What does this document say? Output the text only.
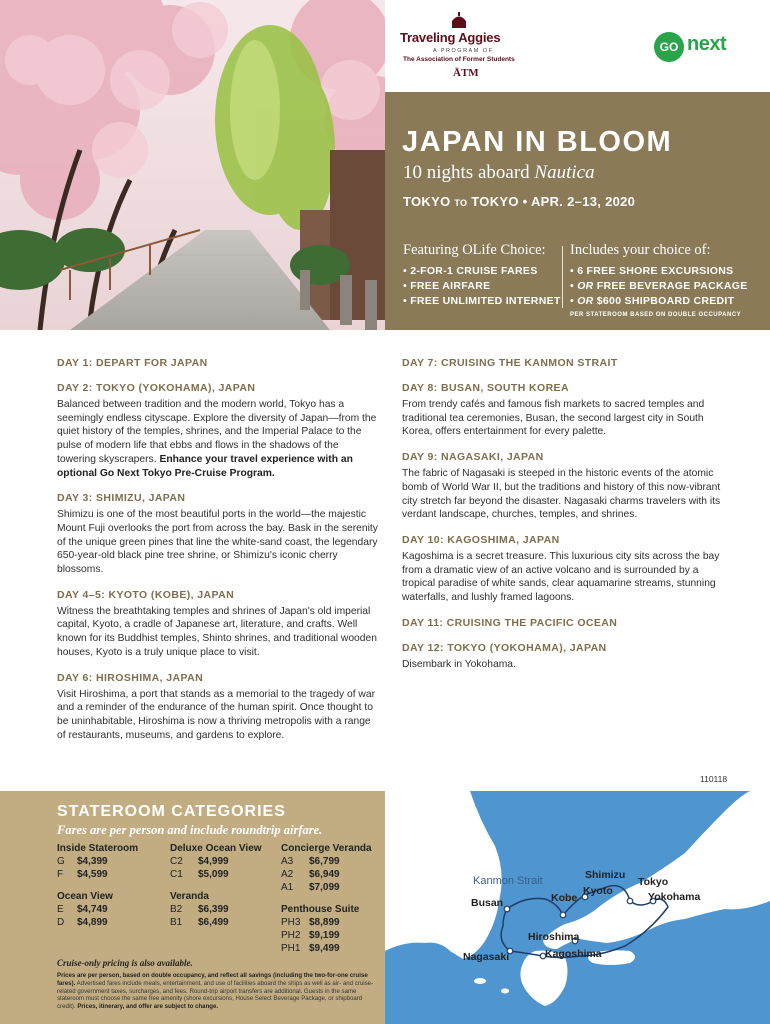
Traveling Aggies
A PROGRAM OF
The Association of Former Students
ĀTM
GO next
JAPAN IN BLOOM
10 nights aboard Nautica
TOKYO TO TOKYO • APR. 2–13, 2020
Featuring OLife Choice:
• 2-FOR-1 CRUISE FARES
• FREE AIRFARE
• FREE UNLIMITED INTERNET
Includes your choice of:
• 6 FREE SHORE EXCURSIONS
• OR FREE BEVERAGE PACKAGE
• OR $600 SHIPBOARD CREDIT
PER STATEROOM BASED ON DOUBLE OCCUPANCY
DAY 1: DEPART FOR JAPAN
DAY 2: TOKYO (YOKOHAMA), JAPAN
Balanced between tradition and the modern world, Tokyo has a seemingly endless cityscape. Explore the diversity of Japan—from the quiet history of the temples, shrines, and the Imperial Palace to the pulse of modern life that ebbs and flows in the shadows of the towering skyscrapers. Enhance your travel experience with an optional Go Next Tokyo Pre-Cruise Program.
DAY 3: SHIMIZU, JAPAN
Shimizu is one of the most beautiful ports in the world—the majestic Mount Fuji overlooks the port from across the bay. Bask in the serenity of the unique green pines that line the white-sand coast, the legendary 650-year-old black pine tree shrine, or Shimizu's iconic cherry blossoms.
DAY 4–5: KYOTO (KOBE), JAPAN
Witness the breathtaking temples and shrines of Japan's old imperial capital, Kyoto, a cradle of Japanese art, literature, and crafts. Well known for its Buddhist temples, Shinto shrines, and traditional wooden houses, Kyoto is a truly unique place to visit.
DAY 6: HIROSHIMA, JAPAN
Visit Hiroshima, a port that stands as a memorial to the tragedy of war and a reminder of the endurance of the human spirit. Once thought to be uninhabitable, Hiroshima is now a thriving metropolis with a range of restaurants, museums, and gardens to explore.
DAY 7: CRUISING THE KANMON STRAIT
DAY 8: BUSAN, SOUTH KOREA
From trendy cafés and famous fish markets to sacred temples and traditional tea ceremonies, Busan, the second largest city in South Korea, offers entertainment for every palette.
DAY 9: NAGASAKI, JAPAN
The fabric of Nagasaki is steeped in the historic events of the atomic bomb of World War II, but the traditions and history of this now-vibrant city stretch far beyond the disaster. Nagasaki charms travelers with its verdant landscape, churches, temples, and shrines.
DAY 10: KAGOSHIMA, JAPAN
Kagoshima is a secret treasure. This luxurious city sits across the bay from a dramatic view of an active volcano and is surrounded by a tropical paradise of white sands, clear aquamarine streams, stunning waterfalls, and lushly framed lagoons.
DAY 11: CRUISING THE PACIFIC OCEAN
DAY 12: TOKYO (YOKOHAMA), JAPAN
Disembark in Yokohama.
110118
STATEROOM CATEGORIES
Fares are per person and include roundtrip airfare.
Inside Stateroom
G $4,399
F $4,599
Ocean View
E $4,749
D $4,899
Deluxe Ocean View
C2 $4,999
C1 $5,099
Veranda
B2 $6,399
B1 $6,499
Concierge Veranda
A3 $6,799
A2 $6,949
A1 $7,099
Penthouse Suite
PH3 $8,899
PH2 $9,199
PH1 $9,499
Cruise-only pricing is also available.
Prices are per person, based on double occupancy, and reflect all savings (including the two-for-one cruise fares). Advertised fares include meals, entertainment, and use of facilities aboard the ships as well as air- and cruise-related government taxes, surcharges, and fees. Round-trip airport transfers are additional. Guests in the same stateroom must choose the same free amenity (shore excursions, House Select Beverage Package, or shipboard credit). Prices, itinerary, and offer are subject to change.
Kanmon Strait
Busan
Nagasaki
Kobe
Kyoto
Shimizu
Tokyo
Yokohama
Hiroshima
Kagoshima
